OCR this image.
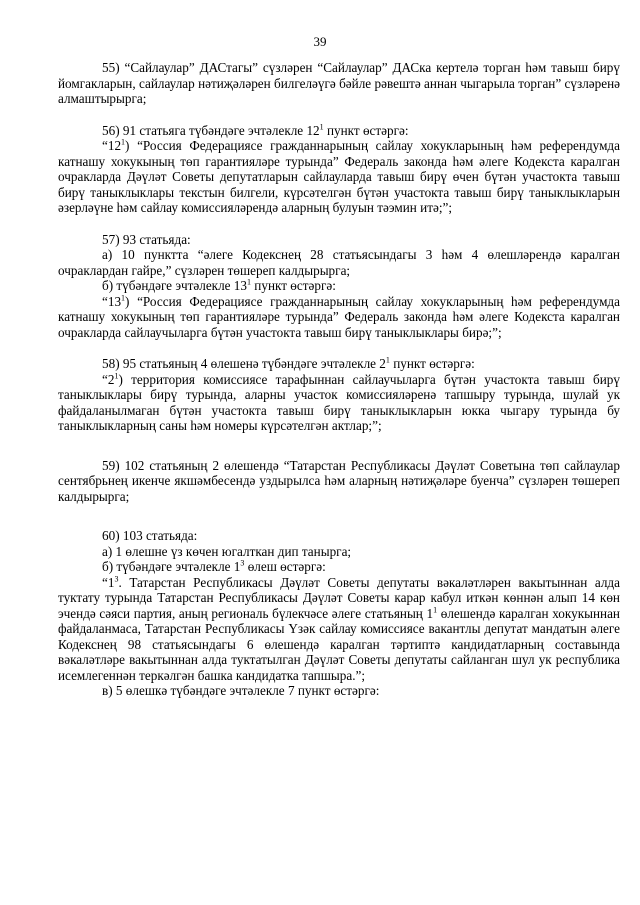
39

55) “Сайлаулар” ДАСтагы” сүзләрен “Сайлаулар” ДАСка кертелә торган һәм тавыш бирү йомгакларын, сайлаулар нәтиҗәләрен билгеләүгә бәйле рәвештә аннан чыгарыла торган” сүзләренә алмаштырырга;

56) 91 статьяга түбәндәге эчтәлекле $12^1$ пункт өстәргә:

“$12^1$) “Россия Федерациясе гражданнарының сайлау хокукларының һәм референдумда катнашу хокукының төп гарантияләре турында” Федераль законда һәм әлеге Кодекста каралган очракларда Дәүләт Советы депутатларын сайлауларда тавыш бирү өчен бүтән участокта тавыш бирү таныклыклары текстын билгели, күрсәтелгән бүтән участокта тавыш бирү таныклыкларын әзерләүне һәм сайлау комиссияләрендә аларның булуын тәэмин итә;”;

57) 93 статьяда:

а) 10 пунктта “әлеге Кодекснең 28 статьясындагы 3 һәм 4 өлешләрендә каралган очраклардан гайре,” сүзләрен төшереп калдырырга;

б) түбәндәге эчтәлекле $13^1$ пункт өстәргә:

“$13^1$) “Россия Федерациясе гражданнарының сайлау хокукларының һәм референдумда катнашу хокукының төп гарантияләре турында” Федераль законда һәм әлеге Кодекста каралган очракларда сайлаучыларга бүтән участокта тавыш бирү таныклыклары бирә;”;

58) 95 статьяның 4 өлешенә түбәндәге эчтәлекле $2^1$ пункт өстәргә:

“$2^1$) территория комиссиясе тарафыннан сайлаучыларга бүтән участокта тавыш бирү таныклыклары бирү турында, аларны участок комиссияләренә тапшыру турында, шулай ук файдаланылмаган бүтән участокта тавыш бирү таныклыкларын юкка чыгару турында бу таныклыкларның саны һәм номеры күрсәтелгән актлар;”;

59) 102 статьяның 2 өлешендә “Татарстан Республикасы Дәүләт Советына төп сайлаулар сентябрьнең икенче якшәмбесендә уздырылса һәм аларның нәтиҗәләре буенча” сүзләрен төшереп калдырырга;

60) 103 статьяда:

а) 1 өлешне үз көчен югалткан дип танырга;

б) түбәндәге эчтәлекле $1^3$ өлеш өстәргә:

“$1^3$. Татарстан Республикасы Дәүләт Советы депутаты вәкаләтләрен вакытыннан алда туктату турында Татарстан Республикасы Дәүләт Советы карар кабул иткән көннән алып 14 көн эчендә сәяси партия, аның региональ бүлекчәсе әлеге статьяның $1^1$ өлешендә каралган хокукыннан файдаланмаса, Татарстан Республикасы Үзәк сайлау комиссиясе вакантлы депутат мандатын әлеге Кодекснең 98 статьясындагы 6 өлешендә каралган тәртиптә кандидатларның составында вәкаләтләре вакытыннан алда туктатылган Дәүләт Советы депутаты сайланган шул ук республика исемлегеннән теркәлгән башка кандидатка тапшыра.”;

в) 5 өлешкә түбәндәге эчтәлекле 7 пункт өстәргә:
